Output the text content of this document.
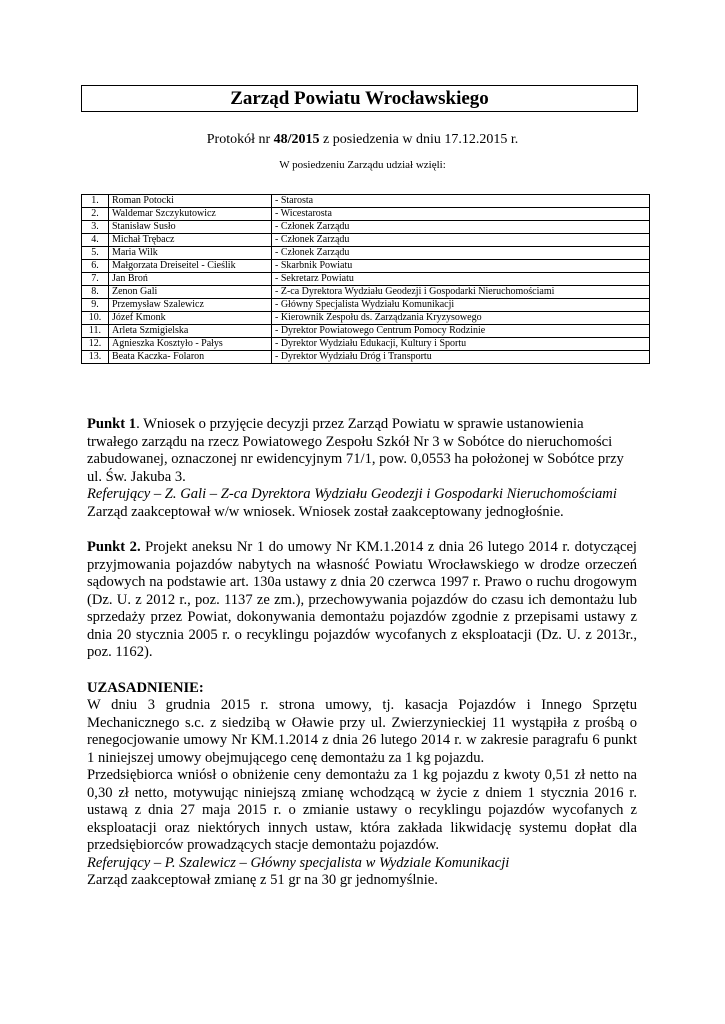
Zarząd Powiatu Wrocławskiego
Protokół nr 48/2015 z posiedzenia w dniu 17.12.2015 r.
W posiedzeniu Zarządu udział wzięli:
1.	Roman Potocki	- Starosta
2.	Waldemar Szczykutowicz	- Wicestarosta
3.	Stanisław Susło	- Członek Zarządu
4.	Michał Trębacz	- Członek Zarządu
5.	Maria Wilk	- Członek Zarządu
6.	Małgorzata Dreiseitel - Cieślik	- Skarbnik Powiatu
7.	Jan Broń	- Sekretarz Powiatu
8.	Zenon Gali	- Z-ca Dyrektora Wydziału Geodezji i Gospodarki Nieruchomościami
9.	Przemysław Szalewicz	- Główny Specjalista Wydziału Komunikacji
10.	Józef Kmonk	- Kierownik Zespołu ds. Zarządzania Kryzysowego
11.	Arleta Szmigielska	- Dyrektor Powiatowego Centrum Pomocy Rodzinie
12.	Agnieszka Kosztyło - Pałys	- Dyrektor Wydziału Edukacji, Kultury i Sportu
13.	Beata Kaczka- Folaron	- Dyrektor Wydziału Dróg i Transportu

Punkt 1. Wniosek o przyjęcie decyzji przez Zarząd Powiatu w sprawie ustanowienia

trwałego zarządu na rzecz Powiatowego Zespołu Szkół Nr 3 w Sobótce do nieruchomości

zabudowanej, oznaczonej nr ewidencyjnym 71/1, pow. 0,0553 ha położonej w Sobótce przy

ul. Św. Jakuba 3.

Referujący – Z. Gali – Z-ca Dyrektora Wydziału Geodezji i Gospodarki Nieruchomościami

Zarząd zaakceptował w/w wniosek. Wniosek został zaakceptowany jednogłośnie.

Punkt 2. Projekt aneksu Nr 1 do umowy Nr KM.1.2014 z dnia 26 lutego 2014 r. dotyczącej przyjmowania pojazdów nabytych na własność Powiatu Wrocławskiego w drodze orzeczeń sądowych na podstawie art. 130a ustawy z dnia 20 czerwca 1997 r. Prawo o ruchu drogowym (Dz. U. z 2012 r., poz. 1137 ze zm.), przechowywania pojazdów do czasu ich demontażu lub sprzedaży przez Powiat, dokonywania demontażu pojazdów zgodnie z przepisami ustawy z dnia 20 stycznia 2005 r. o recyklingu pojazdów wycofanych z eksploatacji (Dz. U. z 2013r., poz. 1162).

UZASADNIENIE:

W dniu 3 grudnia 2015 r. strona umowy, tj. kasacja Pojazdów i Innego Sprzętu Mechanicznego s.c. z siedzibą w Oławie przy ul. Zwierzynieckiej 11 wystąpiła z prośbą o renegocjowanie umowy Nr KM.1.2014 z dnia 26 lutego 2014 r. w zakresie paragrafu 6 punkt 1 niniejszej umowy obejmującego cenę demontażu za 1 kg pojazdu.

Przedsiębiorca wniósł o obniżenie ceny demontażu za 1 kg pojazdu z kwoty 0,51 zł netto na 0,30 zł netto, motywując niniejszą zmianę wchodzącą w życie z dniem 1 stycznia 2016 r. ustawą z dnia 27 maja 2015 r. o zmianie ustawy o recyklingu pojazdów wycofanych z eksploatacji oraz niektórych innych ustaw, która zakłada likwidację systemu dopłat dla przedsiębiorców prowadzących stacje demontażu pojazdów.

Referujący – P. Szalewicz – Główny specjalista w Wydziale Komunikacji

Zarząd zaakceptował zmianę z 51 gr na 30 gr jednomyślnie.
